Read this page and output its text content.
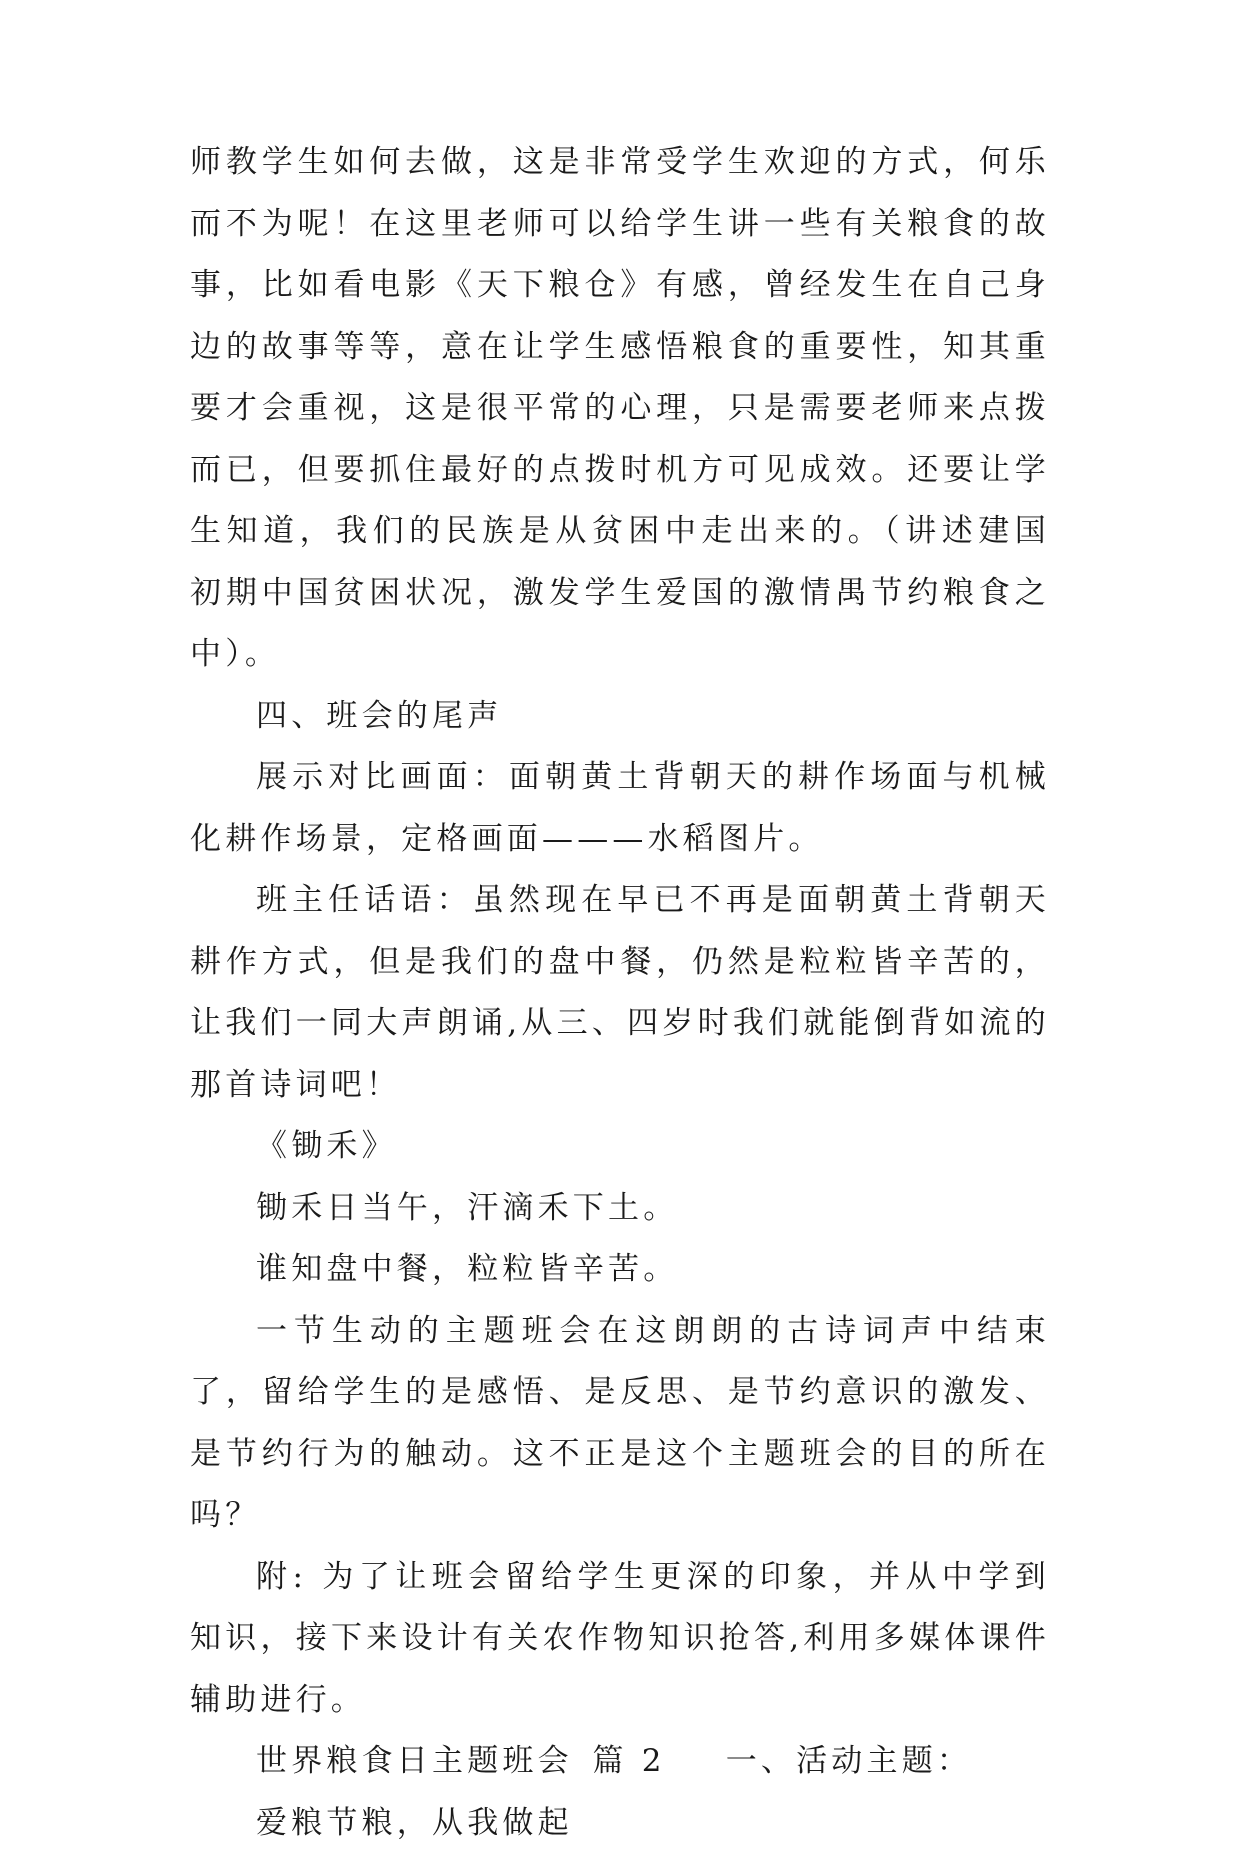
师教学生如何去做，这是非常受学生欢迎的方式，何乐而不为呢！在这里老师可以给学生讲一些有关粮食的故事，比如看电影《天下粮仓》有感，曾经发生在自己身边的故事等等，意在让学生感悟粮食的重要性，知其重要才会重视，这是很平常的心理，只是需要老师来点拨而已，但要抓住最好的点拨时机方可见成效。还要让学生知道，我们的民族是从贫困中走出来的。（讲述建国初期中国贫困状况，激发学生爱国的激情禺节约粮食之中）。

四、班会的尾声

展示对比画面：面朝黄土背朝天的耕作场面与机械化耕作场景，定格画面———水稻图片。

班主任话语：虽然现在早已不再是面朝黄土背朝天耕作方式，但是我们的盘中餐，仍然是粒粒皆辛苦的，让我们一同大声朗诵,从三、四岁时我们就能倒背如流的那首诗词吧！

《锄禾》

锄禾日当午，汗滴禾下土。

谁知盘中餐，粒粒皆辛苦。

一节生动的主题班会在这朗朗的古诗词声中结束了，留给学生的是感悟、是反思、是节约意识的激发、是节约行为的触动。这不正是这个主题班会的目的所在吗？

附: 为了让班会留给学生更深的印象，并从中学到知识，接下来设计有关农作物知识抢答,利用多媒体课件辅助进行。

世界粮食日主题班会  篇 2 一、活动主题：

爱粮节粮，从我做起
